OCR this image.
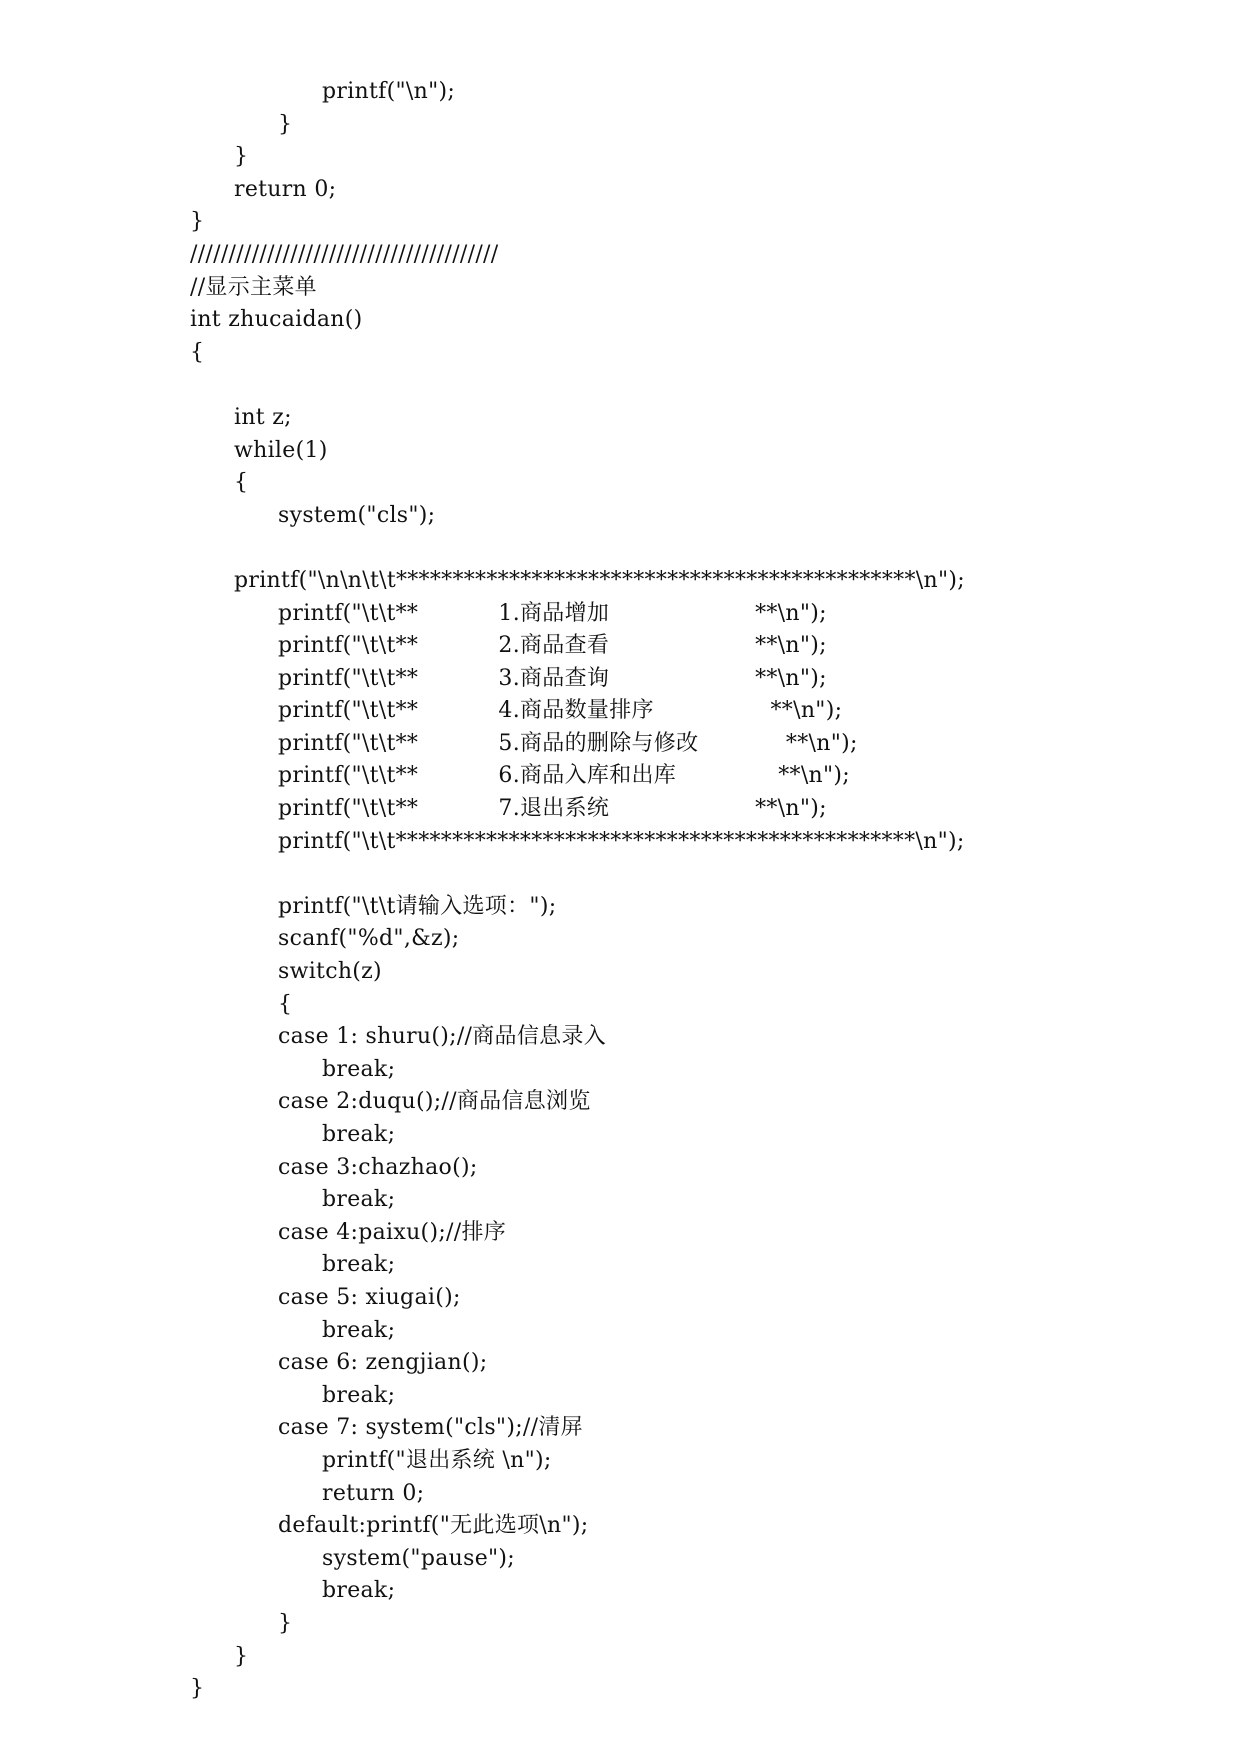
printf("\n");
}
}
return 0;
}
////////////////////////////////////////
//显示主菜单
int zhucaidan()
{
int z;
while(1)
{
system("cls");
printf("\n\n\t\t**********************************************\n");
printf("\t\t**           1.商品增加                    **\n");
printf("\t\t**           2.商品查看                    **\n");
printf("\t\t**           3.商品查询                    **\n");
printf("\t\t**           4.商品数量排序                **\n");
printf("\t\t**           5.商品的删除与修改            **\n");
printf("\t\t**           6.商品入库和出库              **\n");
printf("\t\t**           7.退出系统                    **\n");
printf("\t\t**********************************************\n");
printf("\t\t请输入选项：");
scanf("%d",&z);
switch(z)
{
case 1: shuru();//商品信息录入
break;
case 2:duqu();//商品信息浏览
break;
case 3:chazhao();
break;
case 4:paixu();//排序
break;
case 5: xiugai();
break;
case 6: zengjian();
break;
case 7: system("cls");//清屏
printf("退出系统 \n");
return 0;
default:printf("无此选项\n");
system("pause");
break;
}
}
}
